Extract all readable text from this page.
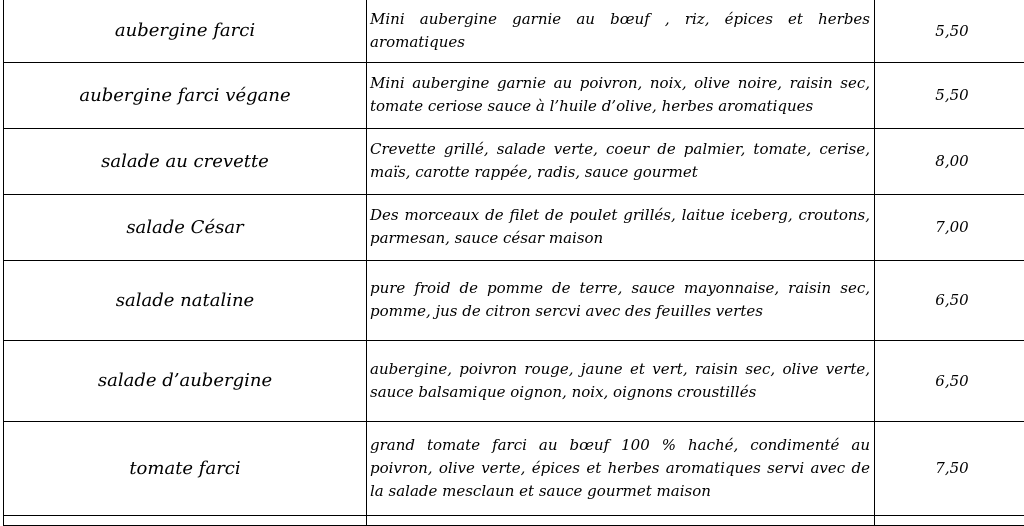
aubergine farci	Mini aubergine garnie au bœuf , riz, épices et herbes aromatiques	5,50
aubergine farci végane	Mini aubergine garnie au poivron, noix, olive noire, raisin sec, tomate ceriose sauce à l’huile d’olive, herbes aromatiques	5,50
salade au crevette	Crevette grillé, salade verte, coeur de palmier, tomate, cerise, maïs, carotte rappée, radis, sauce gourmet	8,00
salade César	Des morceaux de filet de poulet grillés, laitue iceberg, croutons, parmesan, sauce césar maison	7,00
salade nataline	pure froid de pomme de terre, sauce mayonnaise, raisin sec, pomme, jus de citron sercvi avec des feuilles vertes	6,50
salade d’aubergine	aubergine, poivron rouge, jaune et vert, raisin sec, olive verte, sauce balsamique oignon, noix, oignons croustillés	6,50
tomate farci	grand tomate farci au bœuf 100 % haché, condimenté au poivron, olive verte, épices et herbes aromatiques servi avec de la salade mesclaun et sauce gourmet maison	7,50
